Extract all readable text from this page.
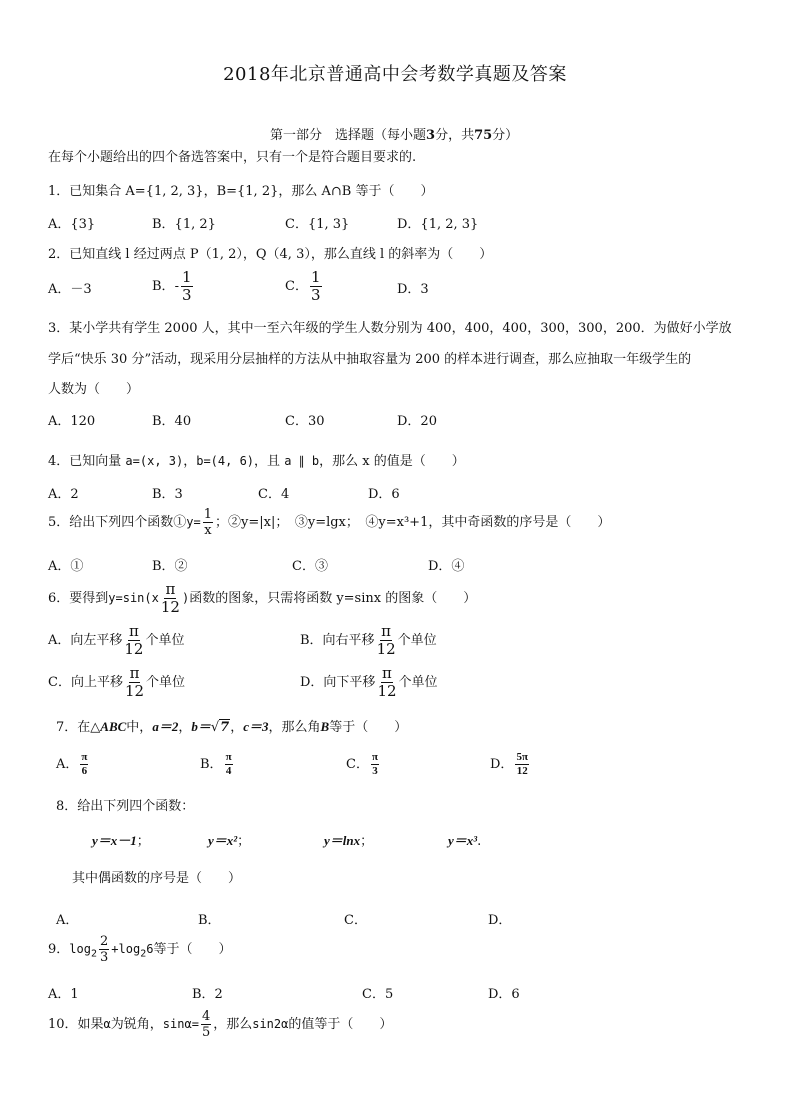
2018年北京普通高中会考数学真题及答案
第一部分　选择题（每小题3分，共75分）
在每个小题给出的四个备选答案中，只有一个是符合题目要求的.
1．已知集合 A={1, 2, 3}，B={1, 2}，那么 A∩B 等于（　　）
A．{3}	B．{1, 2}	C．{1, 3}	D．{1, 2, 3}
2．已知直线 l 经过两点 P（1, 2），Q（4, 3），那么直线 l 的斜率为（　　）
A．－3	B．- $\frac{1}{3}$	C． $\frac{1}{3}$	D．3
3．某小学共有学生 2000 人，其中一至六年级的学生人数分别为 400，400，400，300，300，200．为做好小学放
学后“快乐 30 分”活动，现采用分层抽样的方法从中抽取容量为 200 的样本进行调查，那么应抽取一年级学生的
人数为（　　）
A．120	B．40	C．30	D．20
4．已知向量 a=(x, 3)，b=(4, 6)，且 a ∥ b，那么 x 的值是（　　）
A．2	B．3	C．4	D．6
5．给出下列四个函数①y= $\frac{1}{x}$ ；②y=|x|；　③y=lgx；　④y=x³+1，其中奇函数的序号是（　　）
A．①	B．②	C．③	D．④
6．要得到$y=\sin(x \frac{\pi}{12}$ )函数的图象，只需将函数 y=sinx 的图象（　　）
A．向左平移 $\frac{\pi}{12}$ 个单位	B．向右平移 $\frac{\pi}{12}$ 个单位
C．向上平移 $\frac{\pi}{12}$ 个单位	D．向下平移 $\frac{\pi}{12}$ 个单位
7．在△ABC中，a＝2，b＝√7，c＝3，那么角B等于（　　）
A． $\frac{\pi}{6}$	B． $\frac{\pi}{4}$	C． $\frac{\pi}{3}$	D． $\frac{5\pi}{12}$
8．给出下列四个函数：
y＝x－1；	y＝x²；	y＝lnx；	y＝x³.
其中偶函数的序号是（　　）
A．	B．	C．	D．
9．$\log_2 \frac{2}{3} +\log_26$等于（　　）
A．1	B．2	C．5	D．6
10．如果α为锐角，$\sin\alpha= \frac{4}{5}$ ，那么sin2α的值等于（　　）
